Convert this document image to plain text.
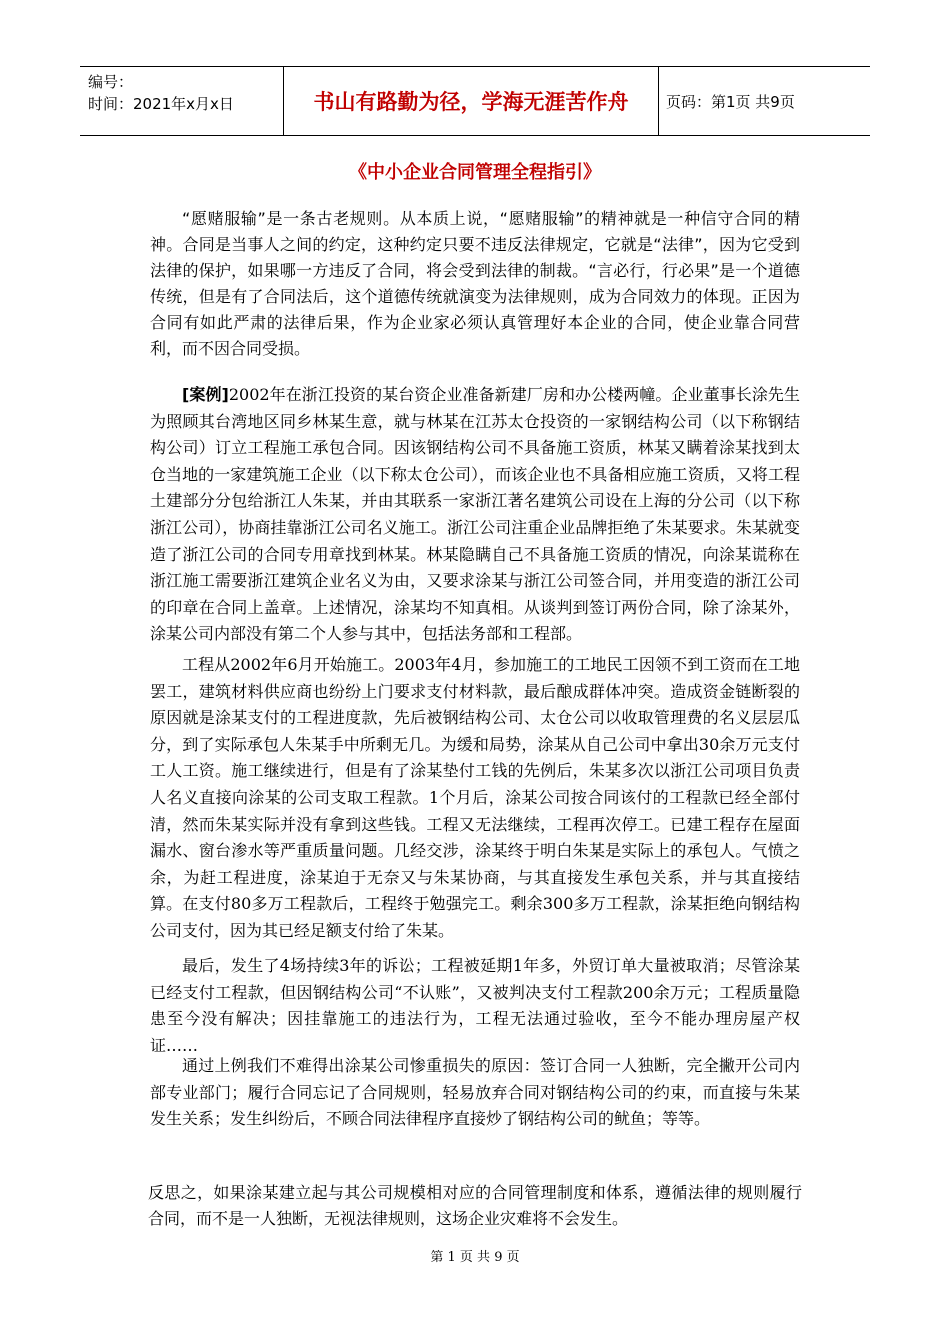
编号：
时间：2021年x月x日	书山有路勤为径，学海无涯苦作舟	页码：第1页 共9页
《中小企业合同管理全程指引》

“愿赌服输”是一条古老规则。从本质上说，“愿赌服输”的精神就是一种信守合同的精神。合同是当事人之间的约定，这种约定只要不违反法律规定，它就是“法律”，因为它受到法律的保护，如果哪一方违反了合同，将会受到法律的制裁。“言必行，行必果”是一个道德传统，但是有了合同法后，这个道德传统就演变为法律规则，成为合同效力的体现。正因为合同有如此严肃的法律后果，作为企业家必须认真管理好本企业的合同，使企业靠合同营利，而不因合同受损。

[案例]2002年在浙江投资的某台资企业准备新建厂房和办公楼两幢。企业董事长涂先生为照顾其台湾地区同乡林某生意，就与林某在江苏太仓投资的一家钢结构公司（以下称钢结构公司）订立工程施工承包合同。因该钢结构公司不具备施工资质，林某又瞒着涂某找到太仓当地的一家建筑施工企业（以下称太仓公司），而该企业也不具备相应施工资质，又将工程土建部分分包给浙江人朱某，并由其联系一家浙江著名建筑公司设在上海的分公司（以下称浙江公司），协商挂靠浙江公司名义施工。浙江公司注重企业品牌拒绝了朱某要求。朱某就变造了浙江公司的合同专用章找到林某。林某隐瞒自己不具备施工资质的情况，向涂某谎称在浙江施工需要浙江建筑企业名义为由，又要求涂某与浙江公司签合同，并用变造的浙江公司的印章在合同上盖章。上述情况，涂某均不知真相。从谈判到签订两份合同，除了涂某外，涂某公司内部没有第二个人参与其中，包括法务部和工程部。

工程从2002年6月开始施工。2003年4月，参加施工的工地民工因领不到工资而在工地罢工，建筑材料供应商也纷纷上门要求支付材料款，最后酿成群体冲突。造成资金链断裂的原因就是涂某支付的工程进度款，先后被钢结构公司、太仓公司以收取管理费的名义层层瓜分，到了实际承包人朱某手中所剩无几。为缓和局势，涂某从自己公司中拿出30余万元支付工人工资。施工继续进行，但是有了涂某垫付工钱的先例后，朱某多次以浙江公司项目负责人名义直接向涂某的公司支取工程款。1个月后，涂某公司按合同该付的工程款已经全部付清，然而朱某实际并没有拿到这些钱。工程又无法继续，工程再次停工。已建工程存在屋面漏水、窗台渗水等严重质量问题。几经交涉，涂某终于明白朱某是实际上的承包人。气愤之余，为赶工程进度，涂某迫于无奈又与朱某协商，与其直接发生承包关系，并与其直接结算。在支付80多万工程款后，工程终于勉强完工。剩余300多万工程款，涂某拒绝向钢结构公司支付，因为其已经足额支付给了朱某。

最后，发生了4场持续3年的诉讼；工程被延期1年多，外贸订单大量被取消；尽管涂某已经支付工程款，但因钢结构公司“不认账”，又被判决支付工程款200余万元；工程质量隐患至今没有解决；因挂靠施工的违法行为，工程无法通过验收，至今不能办理房屋产权证……

通过上例我们不难得出涂某公司惨重损失的原因：签订合同一人独断，完全撇开公司内部专业部门；履行合同忘记了合同规则，轻易放弃合同对钢结构公司的约束，而直接与朱某发生关系；发生纠纷后，不顾合同法律程序直接炒了钢结构公司的鱿鱼；等等。

反思之，如果涂某建立起与其公司规模相对应的合同管理制度和体系，遵循法律的规则履行合同，而不是一人独断，无视法律规则，这场企业灾难将不会发生。

第 1 页 共 9 页
